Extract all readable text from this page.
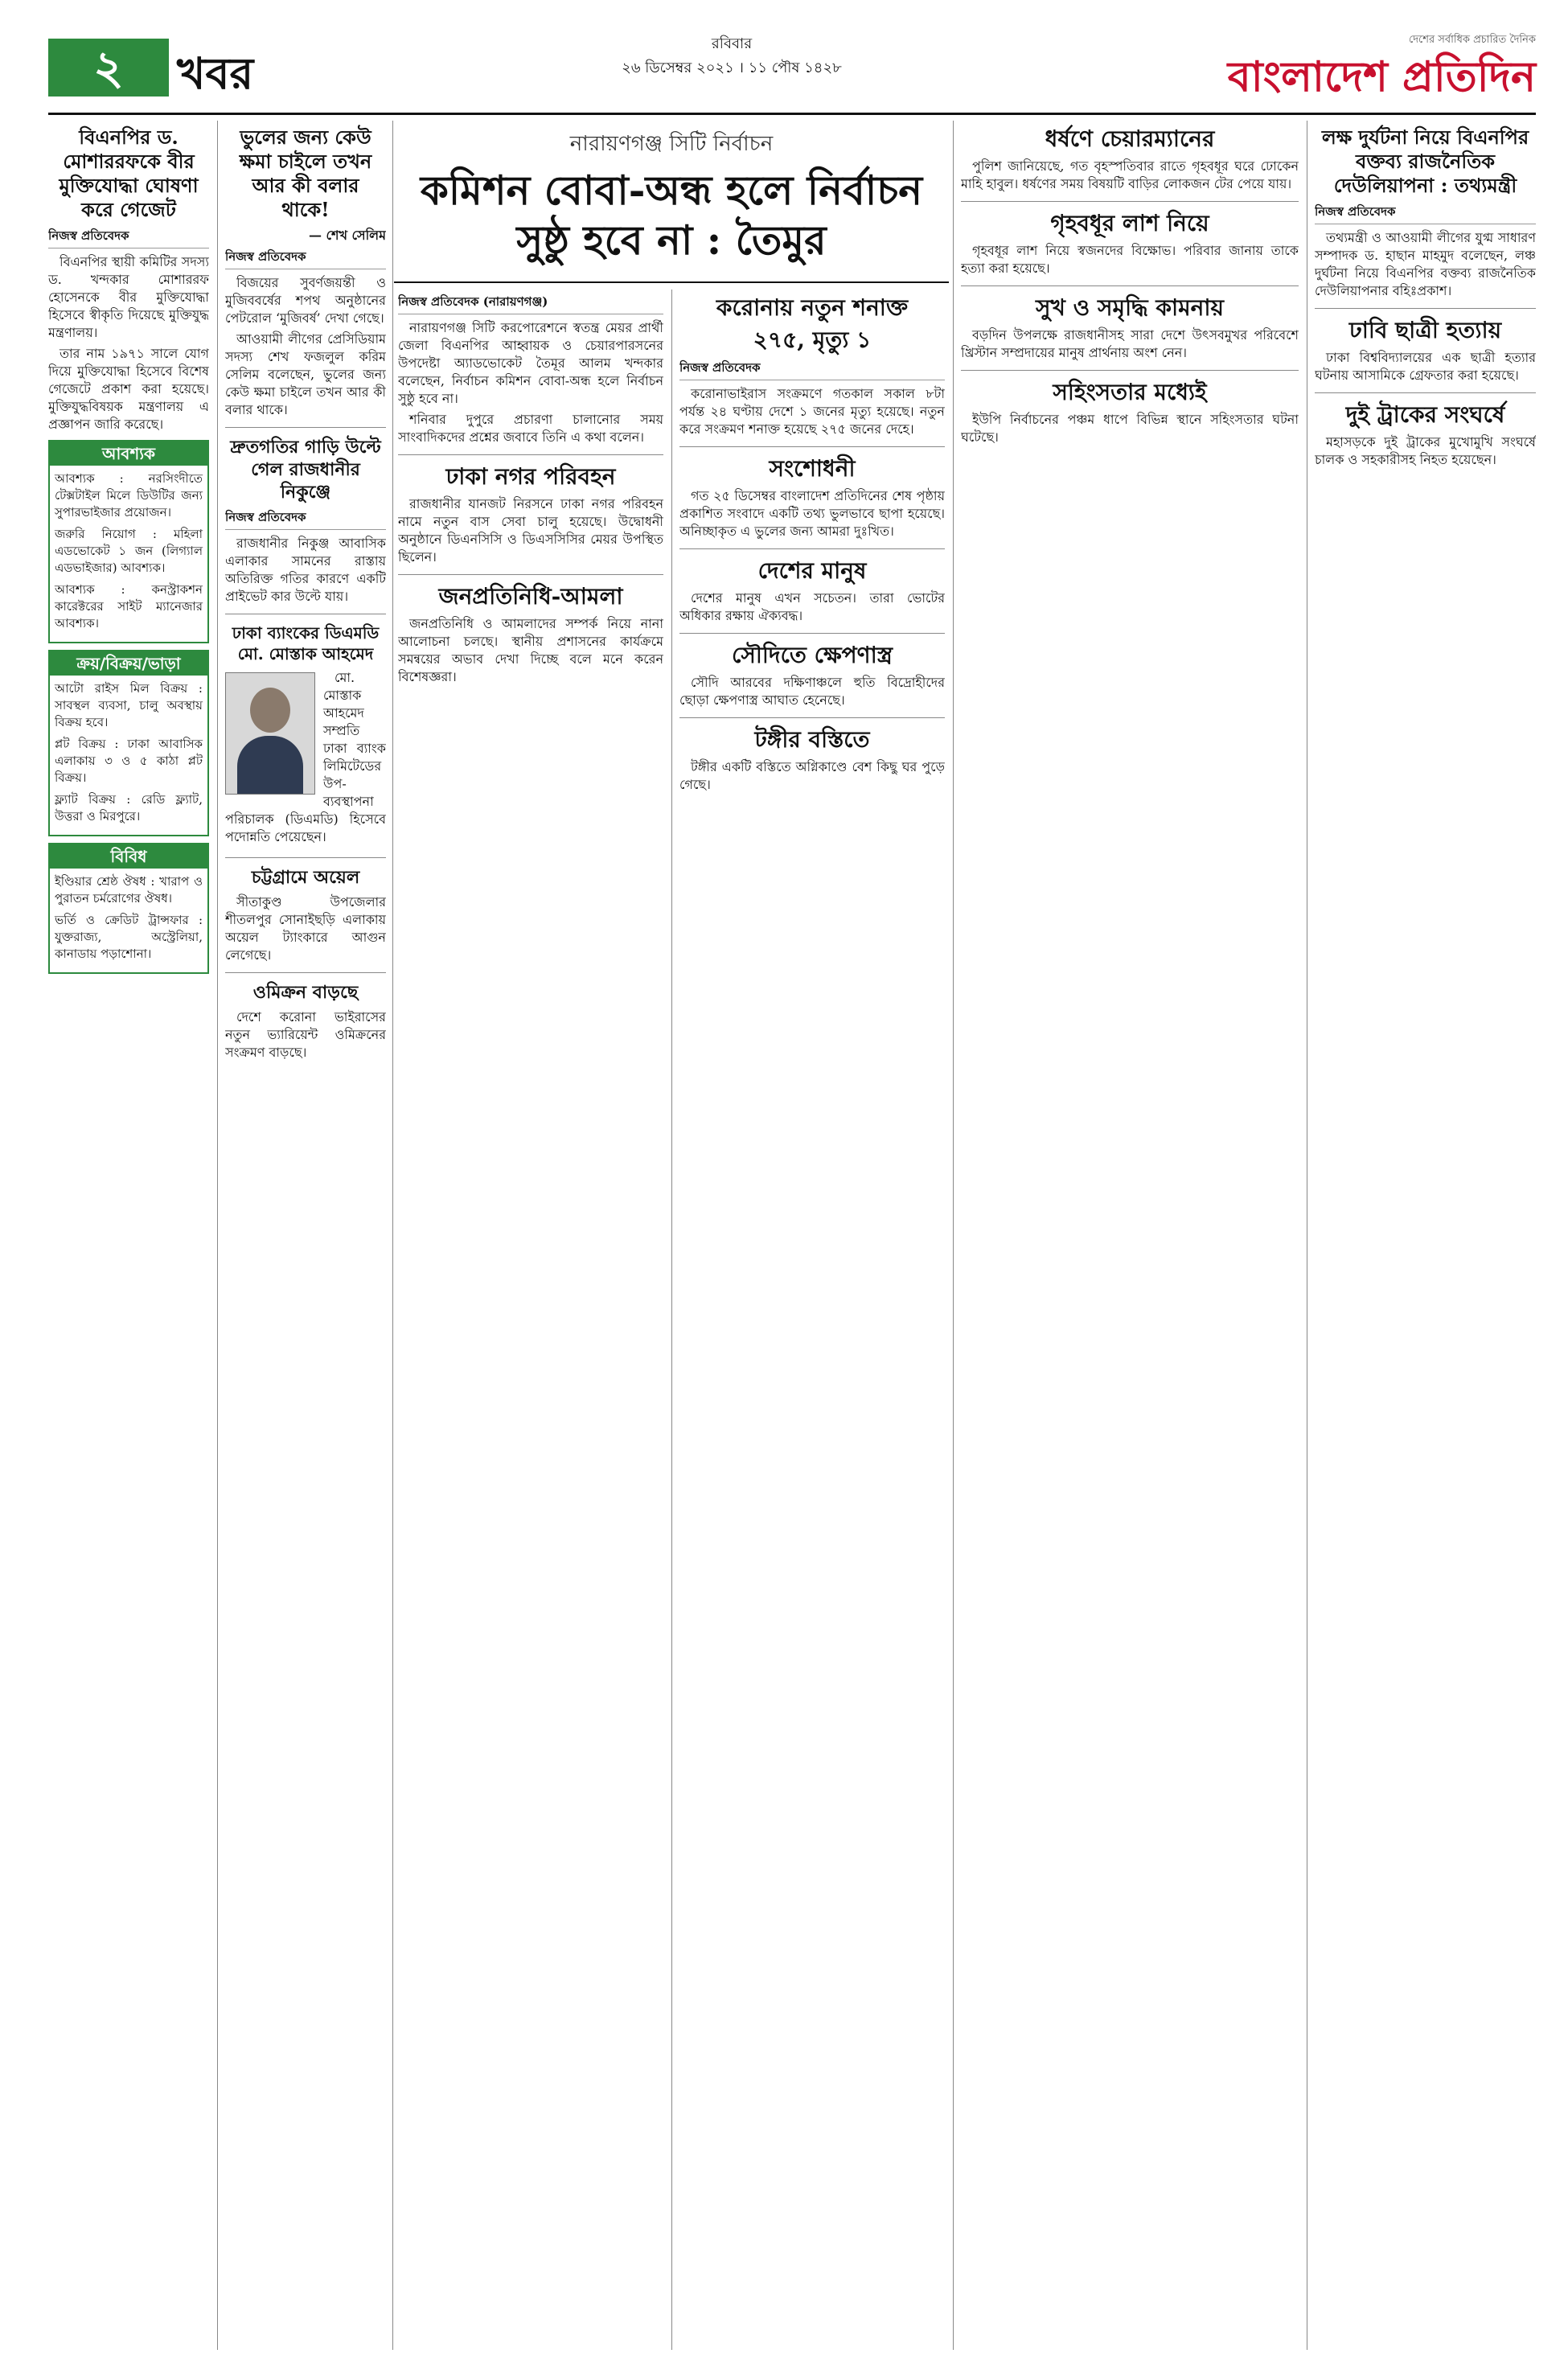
২	খবর
রবিবার
২৬ ডিসেম্বর ২০২১ । ১১ পৌষ ১৪২৮
দেশের সর্বাধিক প্রচারিত দৈনিক
বাংলাদেশ প্রতিদিন
বিএনপির ড. মোশাররফকে বীর মুক্তিযোদ্ধা ঘোষণা করে গেজেট
নিজস্ব প্রতিবেদক

বিএনপির স্থায়ী কমিটির সদস্য ড. খন্দকার মোশাররফ হোসেনকে বীর মুক্তিযোদ্ধা হিসেবে স্বীকৃতি দিয়েছে মুক্তিযুদ্ধ মন্ত্রণালয়।

তার নাম ১৯৭১ সালে যোগ দিয়ে মুক্তিযোদ্ধা হিসেবে বিশেষ গেজেটে প্রকাশ করা হয়েছে। মুক্তিযুদ্ধবিষয়ক মন্ত্রণালয় এ প্রজ্ঞাপন জারি করেছে।

আবশ্যক
আবশ্যক : নরসিংদীতে টেক্সটাইল মিলে ডিউটির জন্য সুপারভাইজার প্রয়োজন।
জরুরি নিয়োগ : মহিলা এডভোকেট ১ জন (লিগ্যাল এডভাইজার) আবশ্যক।
আবশ্যক : কনস্ট্রাকশন কারেক্টরের সাইট ম্যানেজার আবশ্যক।
ক্রয়/বিক্রয়/ভাড়া
আটো রাইস মিল বিক্রয় : সাবস্থল ব্যবসা, চালু অবস্থায় বিক্রয় হবে।
প্লট বিক্রয় : ঢাকা আবাসিক এলাকায় ৩ ও ৫ কাঠা প্লট বিক্রয়।
ফ্ল্যাট বিক্রয় : রেডি ফ্ল্যাট, উত্তরা ও মিরপুরে।
বিবিধ
ইণ্ডিয়ার শ্রেষ্ঠ ঔষধ : খারাপ ও পুরাতন চর্মরোগের ঔষধ।
ভর্তি ও ক্রেডিট ট্রান্সফার : যুক্তরাজ্য, অস্ট্রেলিয়া, কানাডায় পড়াশোনা।
ভুলের জন্য কেউ ক্ষমা চাইলে তখন আর কী বলার থাকে!
— শেখ সেলিম
নিজস্ব প্রতিবেদক

বিজয়ের সুবর্ণজয়ন্তী ও মুজিববর্ষের শপথ অনুষ্ঠানের পেটরোল ‘মুজিবর্ষ’ দেখা গেছে।

আওয়ামী লীগের প্রেসিডিয়াম সদস্য শেখ ফজলুল করিম সেলিম বলেছেন, ভুলের জন্য কেউ ক্ষমা চাইলে তখন আর কী বলার থাকে।

দ্রুতগতির গাড়ি উল্টে গেল রাজধানীর নিকুঞ্জে
নিজস্ব প্রতিবেদক

রাজধানীর নিকুঞ্জ আবাসিক এলাকার সামনের রাস্তায় অতিরিক্ত গতির কারণে একটি প্রাইভেট কার উল্টে যায়।

ঢাকা ব্যাংকের ডিএমডি মো. মোস্তাক আহমেদ

মো. মোস্তাক আহমেদ সম্প্রতি ঢাকা ব্যাংক লিমিটেডের উপ-ব্যবস্থাপনা পরিচালক (ডিএমডি) হিসেবে পদোন্নতি পেয়েছেন।

চট্টগ্রামে অয়েল

সীতাকুণ্ড উপজেলার শীতলপুর সোনাইছড়ি এলাকায় অয়েল ট্যাংকারে আগুন লেগেছে।

ওমিক্রন বাড়ছে

দেশে করোনা ভাইরাসের নতুন ভ্যারিয়েন্ট ওমিক্রনের সংক্রমণ বাড়ছে।

নারায়ণগঞ্জ সিটি নির্বাচন
কমিশন বোবা-অন্ধ হলে নির্বাচন
সুষ্ঠু হবে না : তৈমুর
নিজস্ব প্রতিবেদক (নারায়ণগঞ্জ)

নারায়ণগঞ্জ সিটি করপোরেশনে স্বতন্ত্র মেয়র প্রার্থী জেলা বিএনপির আহ্বায়ক ও চেয়ারপারসনের উপদেষ্টা অ্যাডভোকেট তৈমূর আলম খন্দকার বলেছেন, নির্বাচন কমিশন বোবা-অন্ধ হলে নির্বাচন সুষ্ঠু হবে না।

শনিবার দুপুরে প্রচারণা চালানোর সময় সাংবাদিকদের প্রশ্নের জবাবে তিনি এ কথা বলেন।

ঢাকা নগর পরিবহন

রাজধানীর যানজট নিরসনে ঢাকা নগর পরিবহন নামে নতুন বাস সেবা চালু হয়েছে। উদ্বোধনী অনুষ্ঠানে ডিএনসিসি ও ডিএসসিসির মেয়র উপস্থিত ছিলেন।

জনপ্রতিনিধি-আমলা

জনপ্রতিনিধি ও আমলাদের সম্পর্ক নিয়ে নানা আলোচনা চলছে। স্থানীয় প্রশাসনের কার্যক্রমে সমন্বয়ের অভাব দেখা দিচ্ছে বলে মনে করেন বিশেষজ্ঞরা।

করোনায় নতুন শনাক্ত
২৭৫, মৃত্যু ১
নিজস্ব প্রতিবেদক

করোনাভাইরাস সংক্রমণে গতকাল সকাল ৮টা পর্যন্ত ২৪ ঘণ্টায় দেশে ১ জনের মৃত্যু হয়েছে। নতুন করে সংক্রমণ শনাক্ত হয়েছে ২৭৫ জনের দেহে।

সংশোধনী

গত ২৫ ডিসেম্বর বাংলাদেশ প্রতিদিনের শেষ পৃষ্ঠায় প্রকাশিত সংবাদে একটি তথ্য ভুলভাবে ছাপা হয়েছে। অনিচ্ছাকৃত এ ভুলের জন্য আমরা দুঃখিত।

দেশের মানুষ

দেশের মানুষ এখন সচেতন। তারা ভোটের অধিকার রক্ষায় ঐক্যবদ্ধ।

সৌদিতে ক্ষেপণাস্ত্র

সৌদি আরবের দক্ষিণাঞ্চলে হুতি বিদ্রোহীদের ছোড়া ক্ষেপণাস্ত্র আঘাত হেনেছে।

টঙ্গীর বস্তিতে

টঙ্গীর একটি বস্তিতে অগ্নিকাণ্ডে বেশ কিছু ঘর পুড়ে গেছে।

ধর্ষণে চেয়ারম্যানের

পুলিশ জানিয়েছে, গত বৃহস্পতিবার রাতে গৃহবধূর ঘরে ঢোকেন মাহি হাবুল। ধর্ষণের সময় বিষয়টি বাড়ির লোকজন টের পেয়ে যায়।

গৃহবধূর লাশ নিয়ে

গৃহবধূর লাশ নিয়ে স্বজনদের বিক্ষোভ। পরিবার জানায় তাকে হত্যা করা হয়েছে।

সুখ ও সমৃদ্ধি কামনায়

বড়দিন উপলক্ষে রাজধানীসহ সারা দেশে উৎসবমুখর পরিবেশে খ্রিস্টান সম্প্রদায়ের মানুষ প্রার্থনায় অংশ নেন।

সহিংসতার মধ্যেই

ইউপি নির্বাচনের পঞ্চম ধাপে বিভিন্ন স্থানে সহিংসতার ঘটনা ঘটেছে।

লক্ষ দুর্যটনা নিয়ে বিএনপির বক্তব্য রাজনৈতিক দেউলিয়াপনা : তথ্যমন্ত্রী
নিজস্ব প্রতিবেদক

তথ্যমন্ত্রী ও আওয়ামী লীগের যুগ্ম সাধারণ সম্পাদক ড. হাছান মাহমুদ বলেছেন, লঞ্চ দুর্ঘটনা নিয়ে বিএনপির বক্তব্য রাজনৈতিক দেউলিয়াপনার বহিঃপ্রকাশ।

ঢাবি ছাত্রী হত্যায়

ঢাকা বিশ্ববিদ্যালয়ের এক ছাত্রী হত্যার ঘটনায় আসামিকে গ্রেফতার করা হয়েছে।

দুই ট্রাকের সংঘর্ষে

মহাসড়কে দুই ট্রাকের মুখোমুখি সংঘর্ষে চালক ও সহকারীসহ নিহত হয়েছেন।
